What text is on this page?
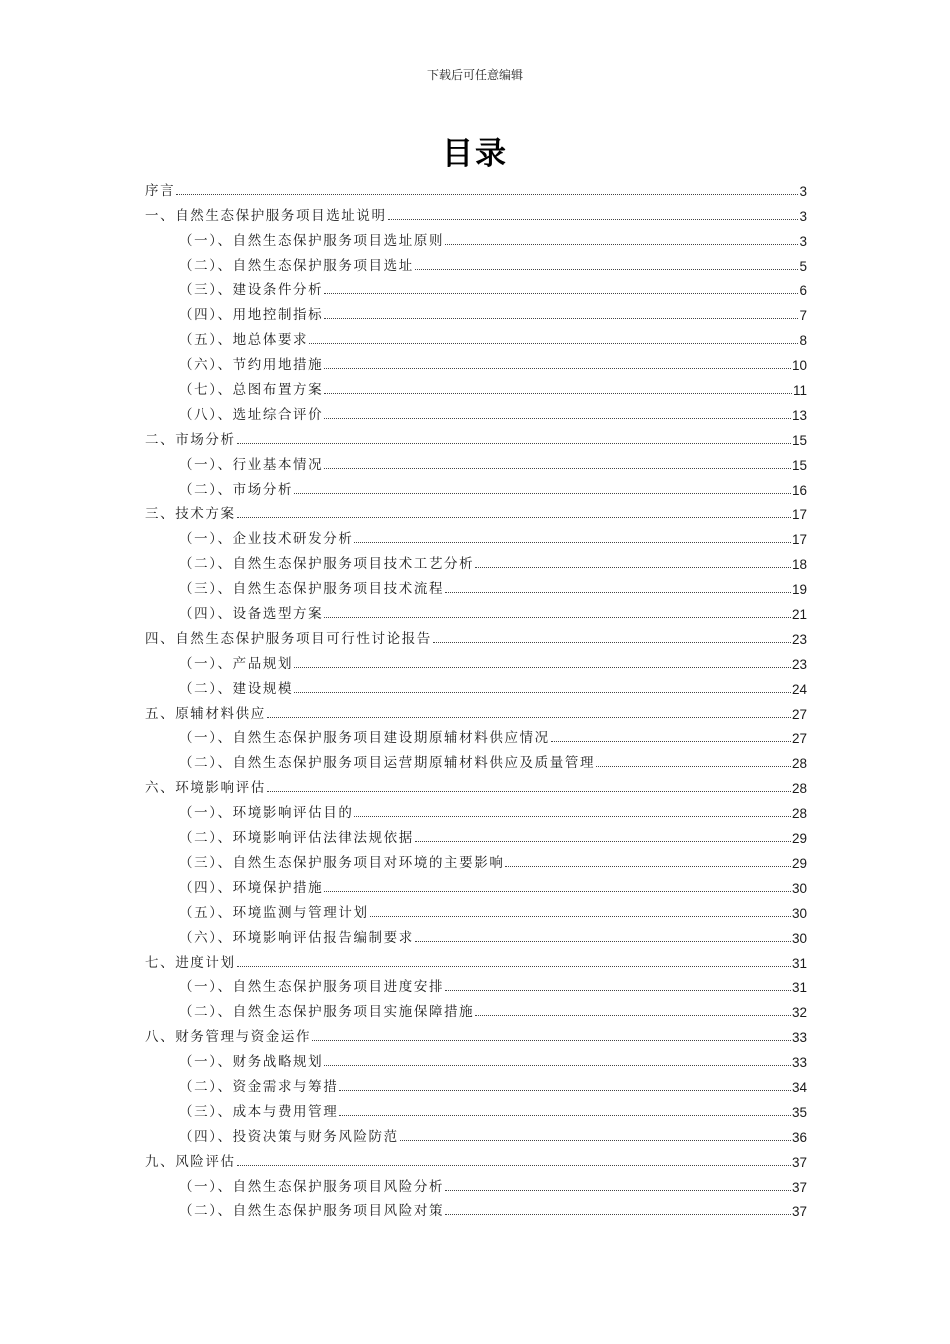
下载后可任意编辑
目录
序言	3
一、自然生态保护服务项目选址说明	3
（一）、自然生态保护服务项目选址原则	3
（二）、自然生态保护服务项目选址	5
（三）、建设条件分析	6
（四）、用地控制指标	7
（五）、地总体要求	8
（六）、节约用地措施	10
（七）、总图布置方案	11
（八）、选址综合评价	13
二、市场分析	15
（一）、行业基本情况	15
（二）、市场分析	16
三、技术方案	17
（一）、企业技术研发分析	17
（二）、自然生态保护服务项目技术工艺分析	18
（三）、自然生态保护服务项目技术流程	19
（四）、设备选型方案	21
四、自然生态保护服务项目可行性讨论报告	23
（一）、产品规划	23
（二）、建设规模	24
五、原辅材料供应	27
（一）、自然生态保护服务项目建设期原辅材料供应情况	27
（二）、自然生态保护服务项目运营期原辅材料供应及质量管理	28
六、环境影响评估	28
（一）、环境影响评估目的	28
（二）、环境影响评估法律法规依据	29
（三）、自然生态保护服务项目对环境的主要影响	29
（四）、环境保护措施	30
（五）、环境监测与管理计划	30
（六）、环境影响评估报告编制要求	30
七、进度计划	31
（一）、自然生态保护服务项目进度安排	31
（二）、自然生态保护服务项目实施保障措施	32
八、财务管理与资金运作	33
（一）、财务战略规划	33
（二）、资金需求与筹措	34
（三）、成本与费用管理	35
（四）、投资决策与财务风险防范	36
九、风险评估	37
（一）、自然生态保护服务项目风险分析	37
（二）、自然生态保护服务项目风险对策	37
